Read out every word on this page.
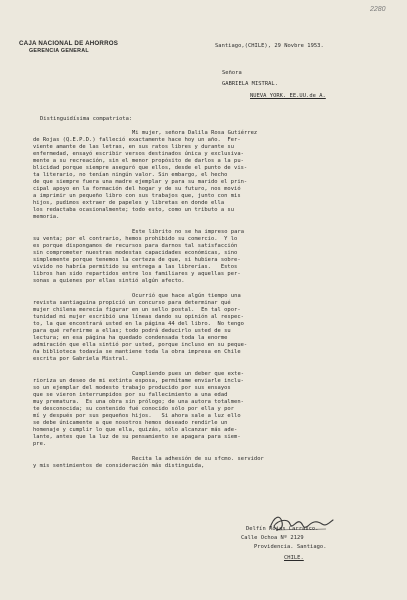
2280
CAJA NACIONAL DE AHORROS
GERENCIA GENERAL
Santiago,(CHILE), 29 Novbre 1953.
Señora
GABRIELA MISTRAL.
NUEVA YORK. EE.UU.de A.
Distinguidísima compatriota:
Mi mujer, señora Dalila Rosa Gutiérrez
de Rojas (Q.E.P.D.) falleció exactamente hace hoy un año.  Fer-
viente amante de las letras, en sus ratos libres y durante su
enfermedad, ensayó escribir versos destinados única y exclusiva-
mente a su recreación, sin el menor propósito de darlos a la pu-
blicidad porque siempre aseguró que ellos, desde el punto de vis-
ta literario, no tenían ningún valor. Sin embargo, el hecho
de que siempre fuera una madre ejemplar y para su marido el prin-
cipal apoyo en la formación del hogar y de su futuro, nos movió
a imprimir un pequeño libro con sus trabajos que, junto con mis
hijos, pudimos extraer de papeles y libretas en donde ella
los redactaba ocasionalmente; todo esto, como un tributo a su
memoria.
Este librito no se ha impreso para
su venta; por el contrario, hemos prohibido su comercio.  Y lo
es porque dispongamos de recursos para darnos tal satisfacción
sin comprometer nuestras modestas capacidades económicas, sino
simplemente porque tenemos la certeza de que, si hubiera sobre-
vivido no habría permitido su entrega a las librerías.   Estos
libros han sido repartidos entre los familiares y aquellas per-
sonas a quienes por ellas sintió algún afecto.
Ocurrió que hace algún tiempo una
revista santiaguina propició un concurso para determinar qué
mujer chilena merecía figurar en un sello postal.  En tal opor-
tunidad mi mujer escribió una líneas dando su opinión al respec-
to, la que encontrará usted en la página 44 del libro.  No tengo
para qué referirme a ellas; todo podrá deducirlo usted de su
lectura; en esa página ha quedado condensada toda la enorme
admiración que ella sintió por usted, porque incluso en su peque-
ña biblioteca todavía se mantiene toda la obra impresa en Chile
escrita por Gabriela Mistral.
Cumpliendo pues un deber que exte-
rioriza un deseo de mi extinta esposa, permítame enviarle inclu-
so un ejemplar del modesto trabajo producido por sus ensayos
que se vieron interrumpidos por su fallecimiento a una edad
muy prematura.  Es una obra sin prólogo; de una autora totalmen-
te desconocida; su contenido fué conocido sólo por ella y por
mí y después por sus pequeños hijos.   Si ahora sale a luz ello
se debe únicamente a que nosotros hemos deseado rendirle un
homenaje y cumplir lo que ella, quizás, sólo alcanzar más ade-
lante, antes que la luz de su pensamiento se apagara para siem-
pre.
Recita la adhesión de su sfcmo. servidor
y mis sentimientos de consideración más distinguida,
Delfín Rojas Carrasco.
Calle Ochoa Nº 2129
Providencia. Santiago.
CHILE.
